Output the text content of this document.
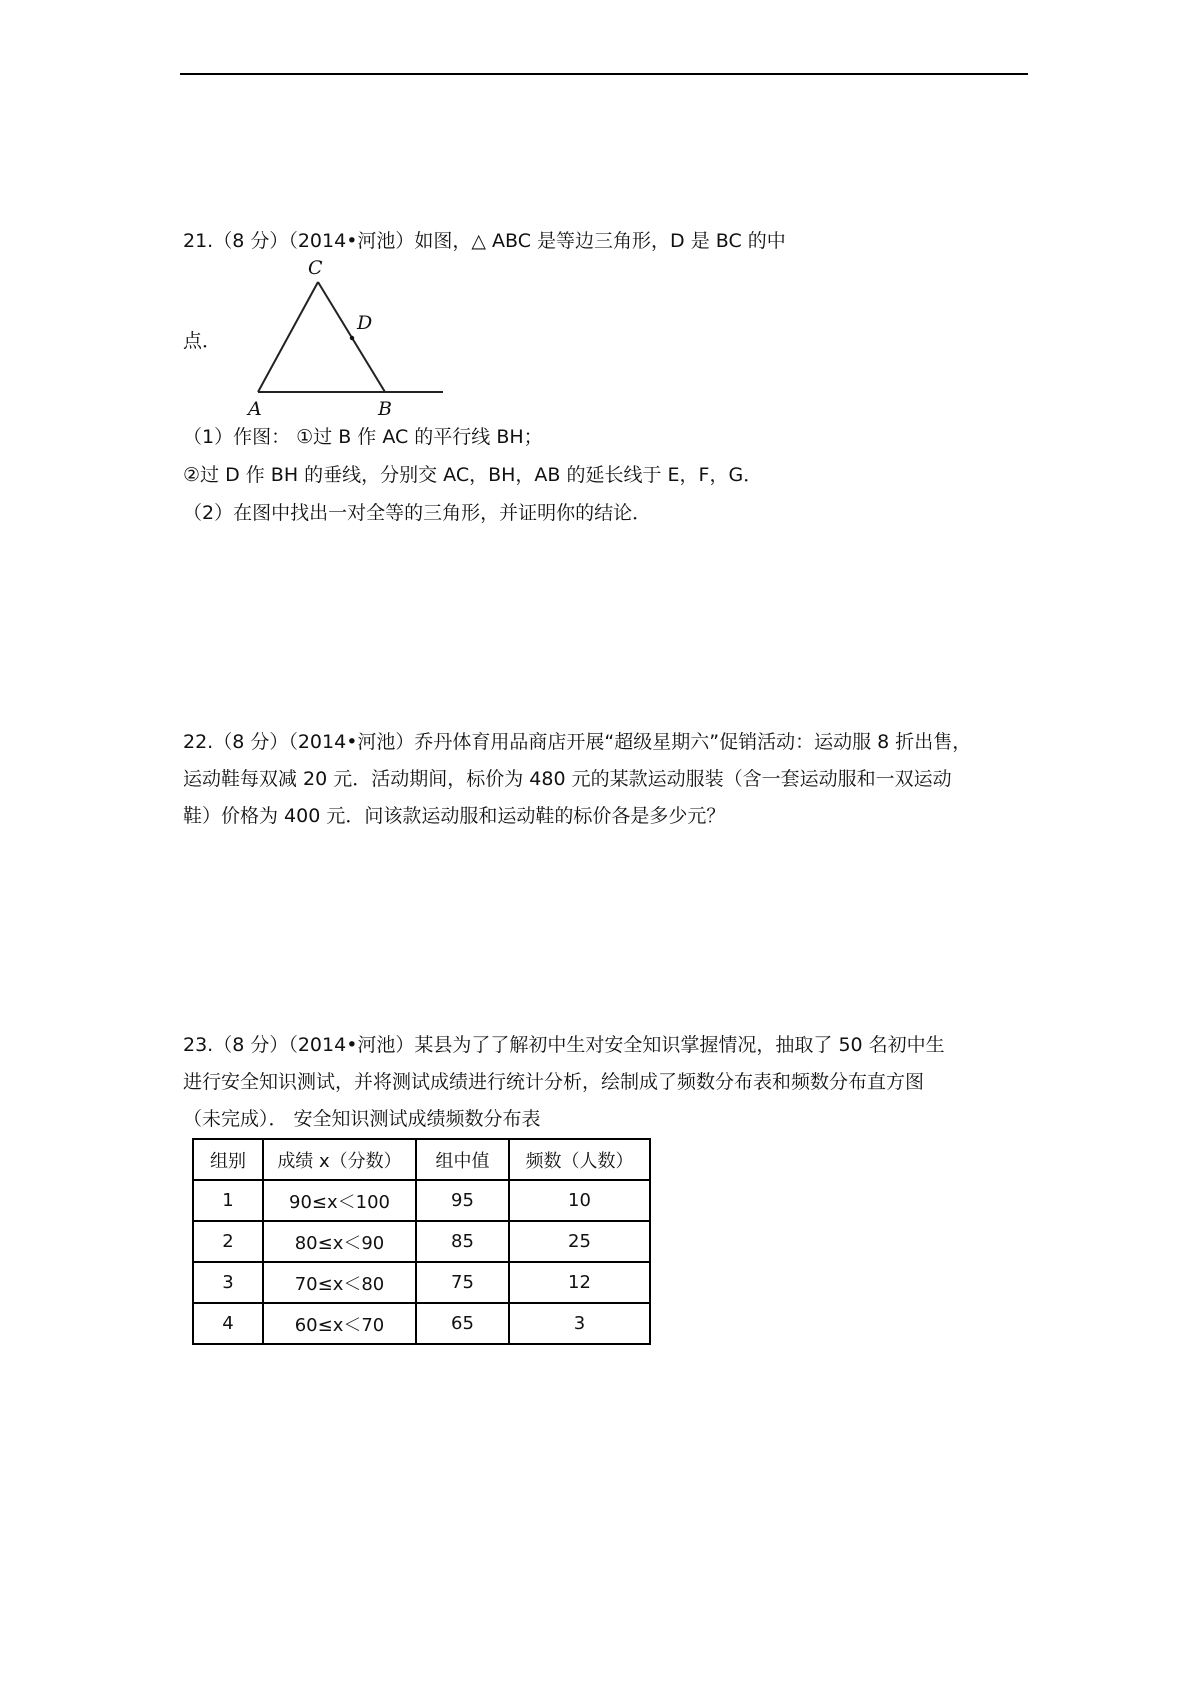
21.（8 分）（2014•河池）如图，△ ABC 是等边三角形，D 是 BC 的中
C
D
A	B
点．
（1）作图： ①过 B 作 AC 的平行线 BH；
②过 D 作 BH 的垂线，分别交 AC，BH，AB 的延长线于 E，F，G．
（2）在图中找出一对全等的三角形，并证明你的结论．
22.（8 分）（2014•河池）乔丹体育用品商店开展“超级星期六”促销活动：运动服 8 折出售，
运动鞋每双减 20 元．活动期间，标价为 480 元的某款运动服装（含一套运动服和一双运动
鞋）价格为 400 元．问该款运动服和运动鞋的标价各是多少元？
23.（8 分）（2014•河池）某县为了了解初中生对安全知识掌握情况，抽取了 50 名初中生
进行安全知识测试，并将测试成绩进行统计分析，绘制成了频数分布表和频数分布直方图
（未完成）． 安全知识测试成绩频数分布表
组别	成绩 x（分数）	组中值	频数（人数）
1	90≤x＜100	95	10
2	80≤x＜90	85	25
3	70≤x＜80	75	12
4	60≤x＜70	65	3
